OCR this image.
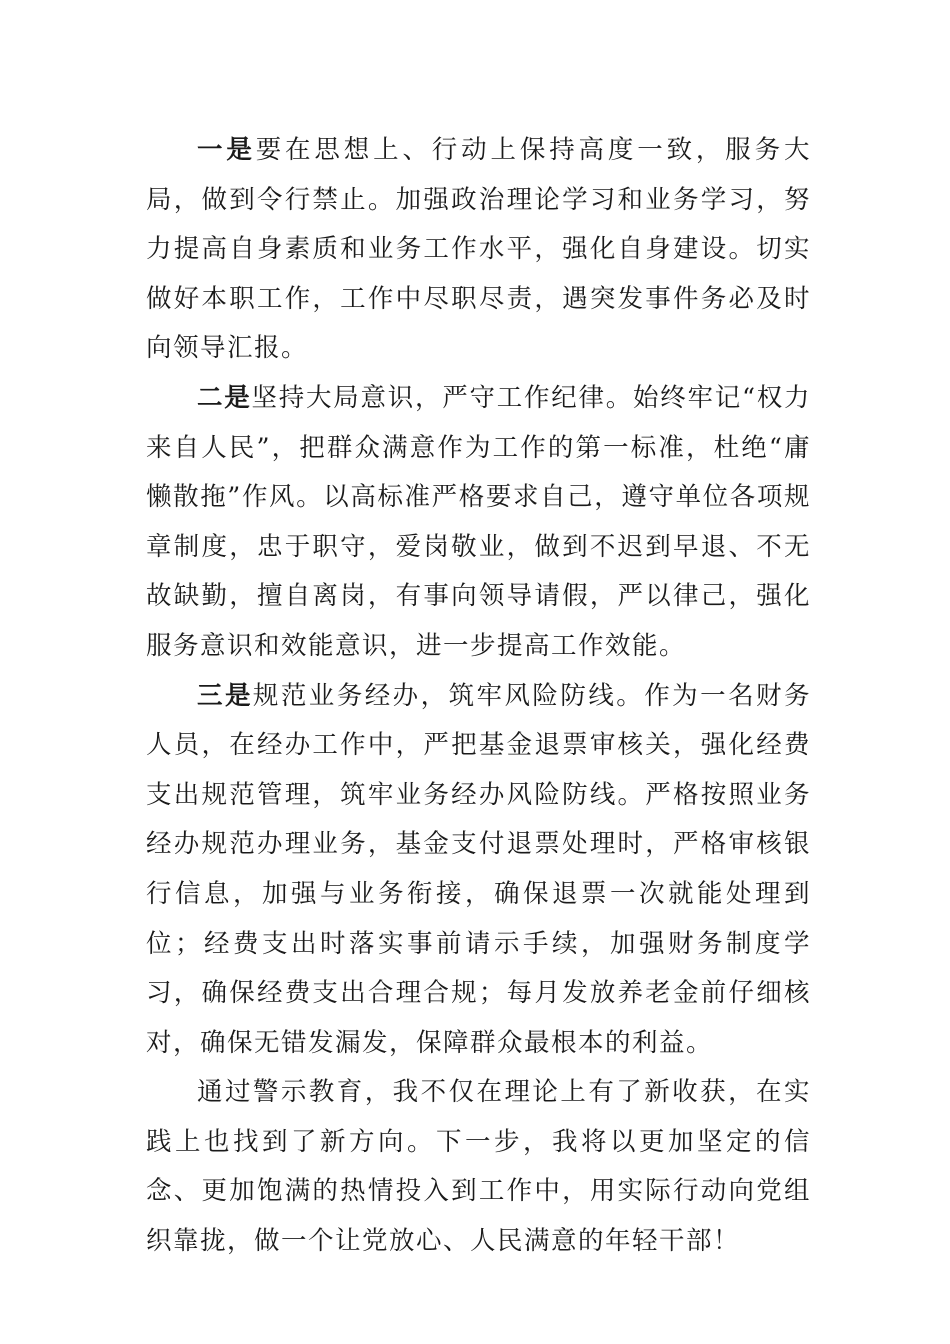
一是要在思想上、行动上保持高度一致，服务大局，做到令行禁止。加强政治理论学习和业务学习，努力提高自身素质和业务工作水平，强化自身建设。切实做好本职工作，工作中尽职尽责，遇突发事件务必及时向领导汇报。

二是坚持大局意识，严守工作纪律。始终牢记“权力来自人民”，把群众满意作为工作的第一标准，杜绝“庸懒散拖”作风。以高标准严格要求自己，遵守单位各项规章制度，忠于职守，爱岗敬业，做到不迟到早退、不无故缺勤，擅自离岗，有事向领导请假，严以律己，强化服务意识和效能意识，进一步提高工作效能。

三是规范业务经办，筑牢风险防线。作为一名财务人员，在经办工作中，严把基金退票审核关，强化经费支出规范管理，筑牢业务经办风险防线。严格按照业务经办规范办理业务，基金支付退票处理时，严格审核银行信息，加强与业务衔接，确保退票一次就能处理到位；经费支出时落实事前请示手续，加强财务制度学习，确保经费支出合理合规；每月发放养老金前仔细核对，确保无错发漏发，保障群众最根本的利益。

通过警示教育，我不仅在理论上有了新收获，在实践上也找到了新方向。下一步，我将以更加坚定的信念、更加饱满的热情投入到工作中，用实际行动向党组织靠拢，做一个让党放心、人民满意的年轻干部！
